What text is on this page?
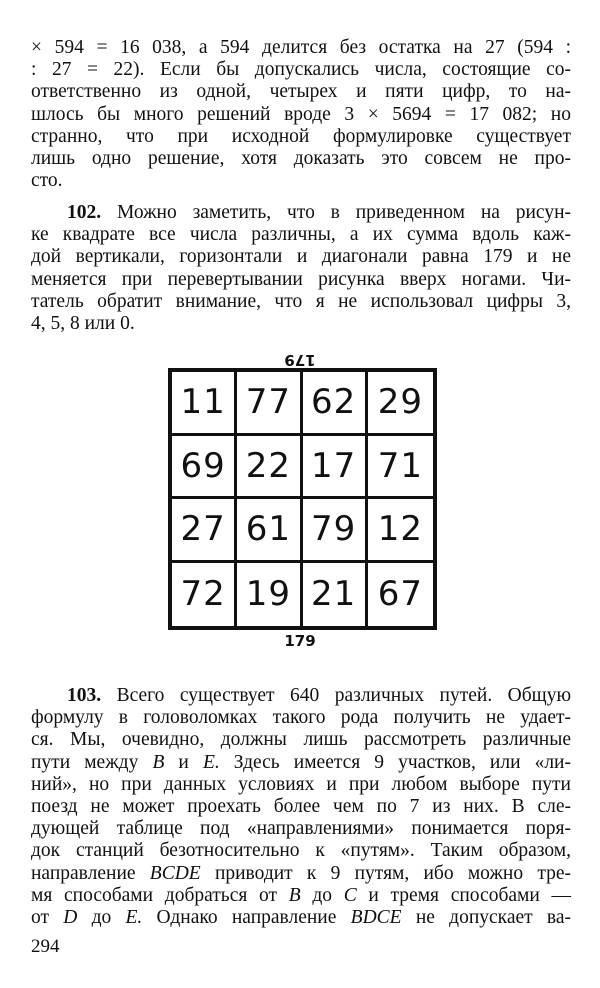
× 594 = 16 038, а 594 делится без остатка на 27 (594 :
: 27 = 22). Если бы допускались числа, состоящие со-
ответственно из одной, четырех и пяти цифр, то на-
шлось бы много решений вроде 3 × 5694 = 17 082; но
странно, что при исходной формулировке существует
лишь одно решение, хотя доказать это совсем не про-
сто.
102. Можно заметить, что в приведенном на рисун-
ке квадрате все числа различны, а их сумма вдоль каж-
дой вертикали, горизонтали и диагонали равна 179 и не
меняется при перевертывании рисунка вверх ногами. Чи-
татель обратит внимание, что я не использовал цифры 3,
4, 5, 8 или 0.
179
11 77 62 29
69 22 17 71
27 61 79 12
72 19 21 67
179
103. Всего существует 640 различных путей. Общую
формулу в головоломках такого рода получить не удает-
ся. Мы, очевидно, должны лишь рассмотреть различные
пути между B и E. Здесь имеется 9 участков, или «ли-
ний», но при данных условиях и при любом выборе пути
поезд не может проехать более чем по 7 из них. В сле-
дующей таблице под «направлениями» понимается поря-
док станций безотносительно к «путям». Таким образом,
направление BCDE приводит к 9 путям, ибо можно тре-
мя способами добраться от B до C и тремя способами —
от D до E. Однако направление BDCE не допускает ва-
294
